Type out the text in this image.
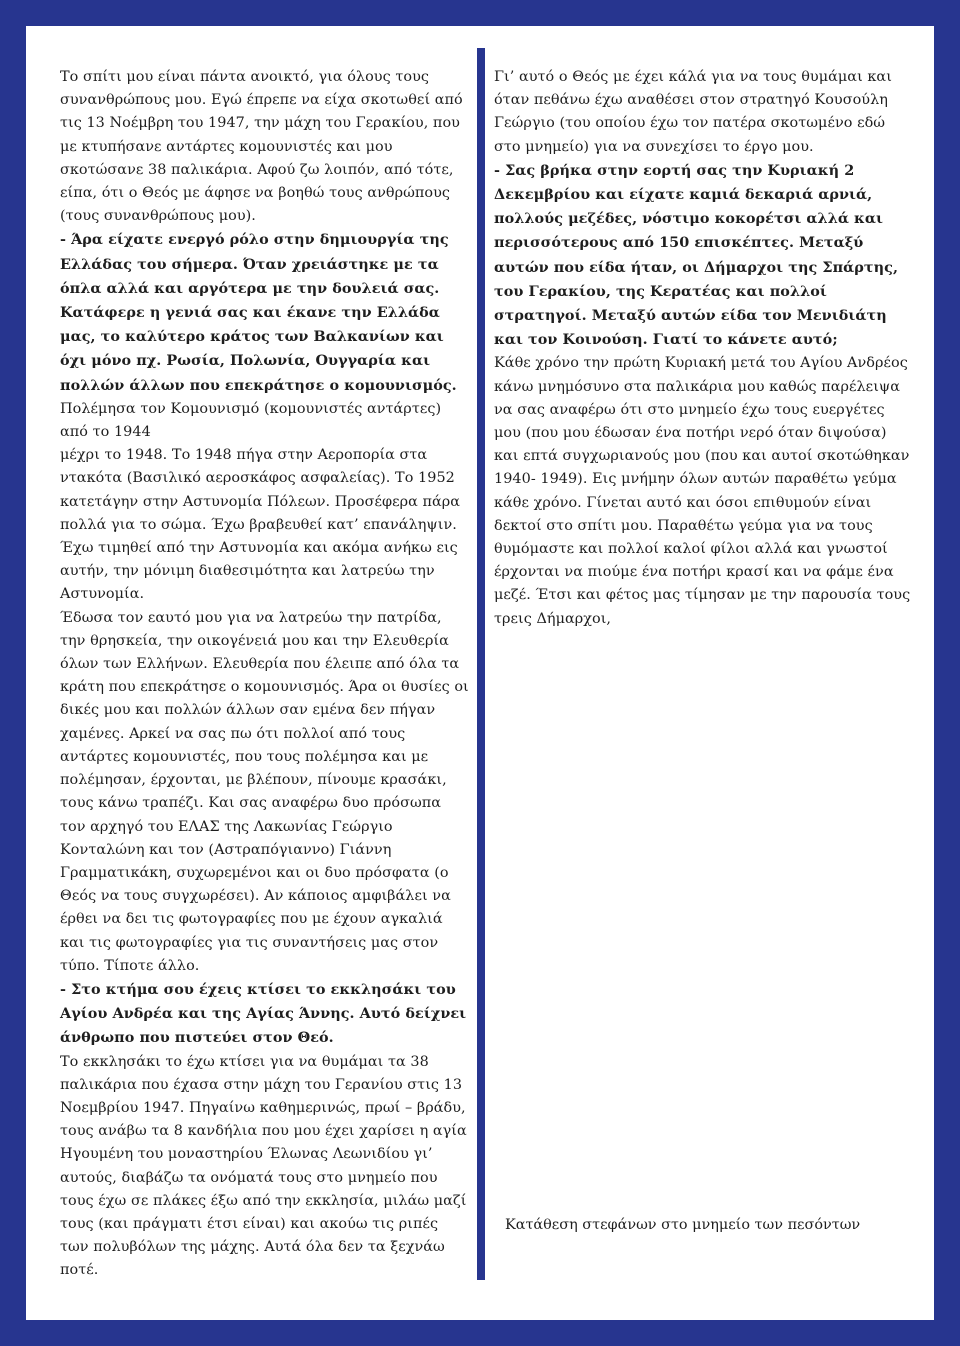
Το σπίτι μου είναι πάντα ανοικτό, για όλους τους συνανθρώπους μου. Εγώ έπρεπε να είχα σκοτωθεί από τις 13 Νοέμβρη του 1947, την μάχη του Γερακίου, που με κτυπήσανε αντάρτες κομουνιστές και μου σκοτώσανε 38 παλικάρια. Αφού ζω λοιπόν, από τότε, είπα, ότι ο Θεός με άφησε να βοηθώ τους ανθρώπους (τους συνανθρώπους μου).

- Άρα είχατε ενεργό ρόλο στην δημιουργία της Ελλάδας του σήμερα. Όταν χρειάστηκε με τα όπλα αλλά και αργότερα με την δουλειά σας. Κατάφερε η γενιά σας και έκανε την Ελλάδα μας, το καλύτερο κράτος των Βαλκανίων και όχι μόνο πχ. Ρωσία, Πολωνία, Ουγγαρία και πολλών άλλων που επεκράτησε ο κομουνισμός.

Πολέμησα τον Κομουνισμό (κομουνιστές αντάρτες) από το 1944

μέχρι το 1948. Το 1948 πήγα στην Αεροπορία στα ντακότα (Βασιλικό αεροσκάφος ασφαλείας). Το 1952 κατετάγην στην Αστυνομία Πόλεων. Προσέφερα πάρα πολλά για το σώμα. Έχω βραβευθεί κατ’ επανάληψιν. Έχω τιμηθεί από την Αστυνομία και ακόμα ανήκω εις αυτήν, την μόνιμη διαθεσιμότητα και λατρεύω την Αστυνομία.

Έδωσα τον εαυτό μου για να λατρεύω την πατρίδα, την θρησκεία, την οικογένειά μου και την Ελευθερία όλων των Ελλήνων. Ελευθερία που έλειπε από όλα τα κράτη που επεκράτησε ο κομουνισμός. Άρα οι θυσίες οι δικές μου και πολλών άλλων σαν εμένα δεν πήγαν χαμένες. Αρκεί να σας πω ότι πολλοί από τους αντάρτες κομουνιστές, που τους πολέμησα και με πολέμησαν, έρχονται, με βλέπουν, πίνουμε κρασάκι, τους κάνω τραπέζι. Και σας αναφέρω δυο πρόσωπα τον αρχηγό του ΕΛΑΣ της Λακωνίας Γεώργιο Κονταλώνη και τον (Αστραπόγιαννο) Γιάννη Γραμματικάκη, συχωρεμένοι και οι δυο πρόσφατα (ο Θεός να τους συγχωρέσει). Αν κάποιος αμφιβάλει να έρθει να δει τις φωτογραφίες που με έχουν αγκαλιά και τις φωτογραφίες για τις συναντήσεις μας στον τύπο. Τίποτε άλλο.

- Στο κτήμα σου έχεις κτίσει το εκκλησάκι του Αγίου Ανδρέα και της Αγίας Άννης. Αυτό δείχνει άνθρωπο που πιστεύει στον Θεό.

Το εκκλησάκι το έχω κτίσει για να θυμάμαι τα 38 παλικάρια που έχασα στην μάχη του Γερανίου στις 13 Νοεμβρίου 1947. Πηγαίνω καθημερινώς, πρωί – βράδυ, τους ανάβω τα 8 κανδήλια που μου έχει χαρίσει η αγία Ηγουμένη του μοναστηρίου Έλωνας Λεωνιδίου γι’ αυτούς, διαβάζω τα ονόματά τους στο μνημείο που τους έχω σε πλάκες έξω από την εκκλησία, μιλάω μαζί τους (και πράγματι έτσι είναι) και ακούω τις ριπές των πολυβόλων της μάχης. Αυτά όλα δεν τα ξεχνάω ποτέ.

Γι’ αυτό ο Θεός με έχει κάλά για να τους θυμάμαι και όταν πεθάνω έχω αναθέσει στον στρατηγό Κουσούλη Γεώργιο (του οποίου έχω τον πατέρα σκοτωμένο εδώ στο μνημείο) για να συνεχίσει το έργο μου.

- Σας βρήκα στην εορτή σας την Κυριακή 2 Δεκεμβρίου και είχατε καμιά δεκαριά αρνιά, πολλούς μεζέδες, νόστιμο κοκορέτσι αλλά και περισσότερους από 150 επισκέπτες. Μεταξύ αυτών που είδα ήταν, οι Δήμαρχοι της Σπάρτης, του Γερακίου, της Κερατέας και πολλοί στρατηγοί. Μεταξύ αυτών είδα τον Μενιδιάτη και τον Κοινούση. Γιατί το κάνετε αυτό;

Κάθε χρόνο την πρώτη Κυριακή μετά του Αγίου Ανδρέος κάνω μνημόσυνο στα παλικάρια μου καθώς παρέλειψα να σας αναφέρω ότι στο μνημείο έχω τους ευεργέτες μου (που μου έδωσαν ένα ποτήρι νερό όταν διψούσα) και επτά συγχωριανούς μου (που και αυτοί σκοτώθηκαν 1940- 1949). Εις μνήμην όλων αυτών παραθέτω γεύμα κάθε χρόνο. Γίνεται αυτό και όσοι επιθυμούν είναι δεκτοί στο σπίτι μου. Παραθέτω γεύμα για να τους θυμόμαστε και πολλοί καλοί φίλοι αλλά και γνωστοί έρχονται να πιούμε ένα ποτήρι κρασί και να φάμε ένα μεζέ. Έτσι και φέτος μας τίμησαν με την παρουσία τους τρεις Δήμαρχοι,

Κατάθεση στεφάνων στο μνημείο των πεσόντων
